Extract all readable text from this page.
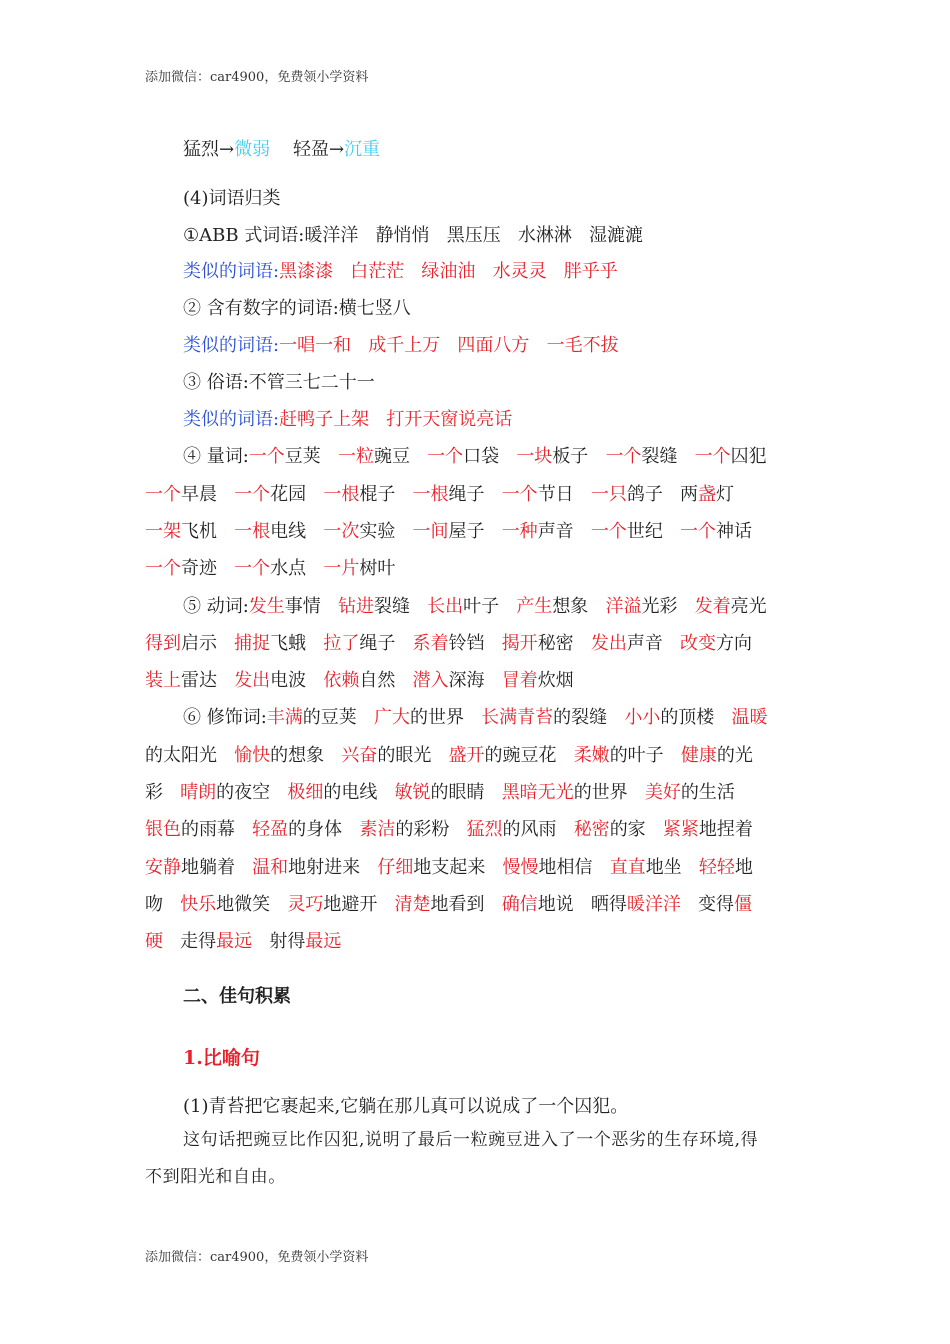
添加微信：car4900，免费领小学资料
猛烈→微弱    轻盈→沉重
(4)词语归类
①ABB 式词语:暖洋洋   静悄悄   黑压压   水淋淋   湿漉漉
类似的词语:黑漆漆   白茫茫   绿油油   水灵灵   胖乎乎
② 含有数字的词语:横七竖八
类似的词语:一唱一和   成千上万   四面八方   一毛不拔
③ 俗语:不管三七二十一
类似的词语:赶鸭子上架   打开天窗说亮话
④ 量词:一个豆荚   一粒豌豆   一个口袋   一块板子   一个裂缝   一个囚犯
一个早晨   一个花园   一根棍子   一根绳子   一个节日   一只鸽子   两盏灯
一架飞机   一根电线   一次实验   一间屋子   一种声音   一个世纪   一个神话
一个奇迹   一个水点   一片树叶
⑤ 动词:发生事情   钻进裂缝   长出叶子   产生想象   洋溢光彩   发着亮光
得到启示   捕捉飞蛾   拉了绳子   系着铃铛   揭开秘密   发出声音   改变方向
装上雷达   发出电波   依赖自然   潜入深海   冒着炊烟
⑥ 修饰词:丰满的豆荚   广大的世界   长满青苔的裂缝   小小的顶楼   温暖
的太阳光   愉快的想象   兴奋的眼光   盛开的豌豆花   柔嫩的叶子   健康的光
彩   晴朗的夜空   极细的电线   敏锐的眼睛   黑暗无光的世界   美好的生活
银色的雨幕   轻盈的身体   素洁的彩粉   猛烈的风雨   秘密的家   紧紧地捏着
安静地躺着   温和地射进来   仔细地支起来   慢慢地相信   直直地坐   轻轻地
吻   快乐地微笑   灵巧地避开   清楚地看到   确信地说   晒得暖洋洋   变得僵
硬   走得最远   射得最远
二、佳句积累
1.比喻句
(1)青苔把它裹起来,它躺在那儿真可以说成了一个囚犯。
这句话把豌豆比作囚犯,说明了最后一粒豌豆进入了一个恶劣的生存环境,得
不到阳光和自由。
添加微信：car4900，免费领小学资料
